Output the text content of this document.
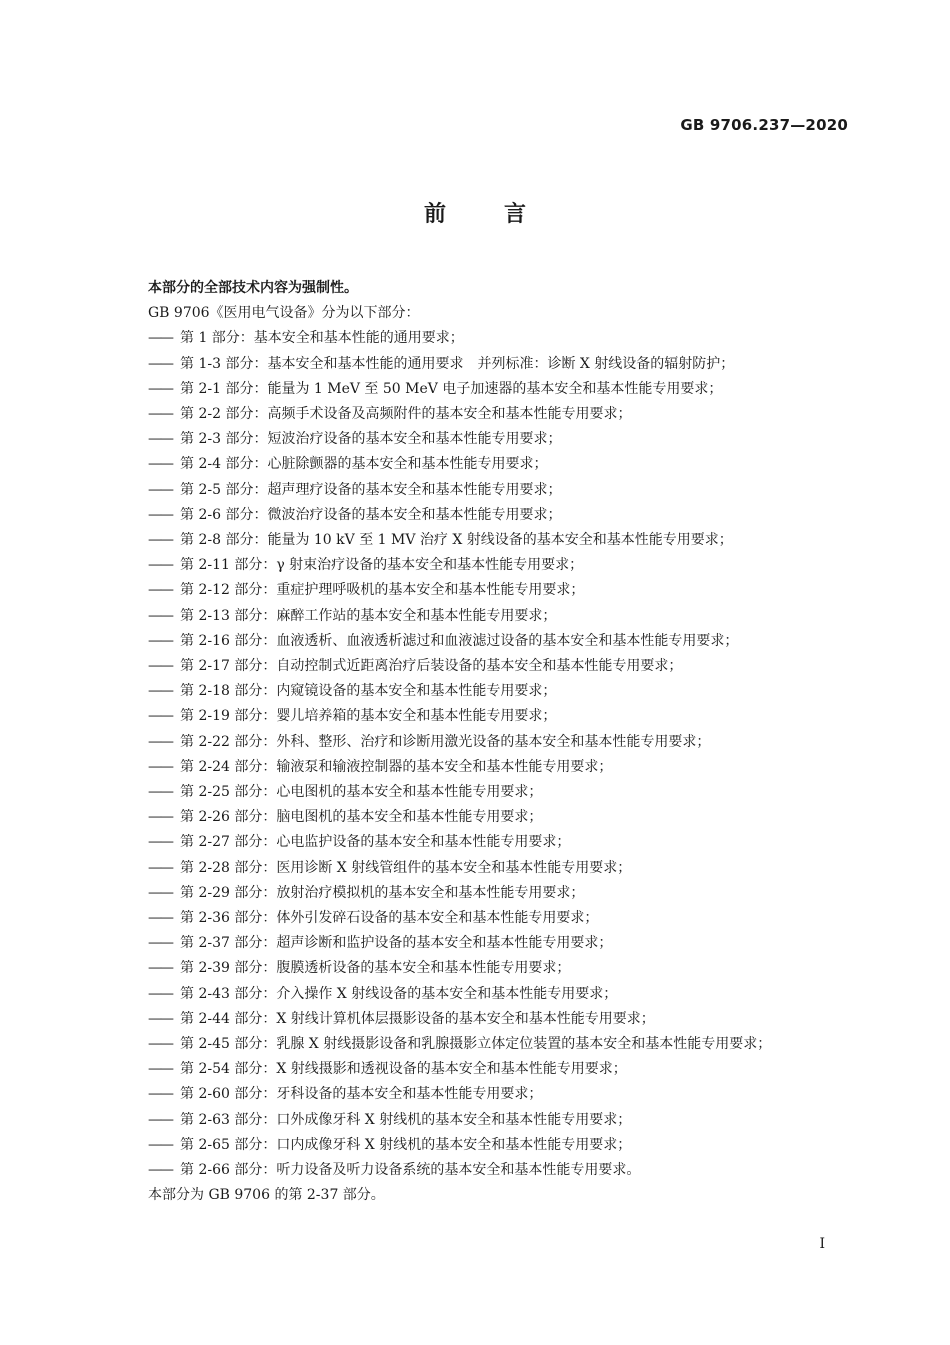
GB 9706.237—2020
前言
本部分的全部技术内容为强制性。
GB 9706《医用电气设备》分为以下部分：
—— 第 1 部分：基本安全和基本性能的通用要求；
—— 第 1-3 部分：基本安全和基本性能的通用要求　并列标准：诊断 X 射线设备的辐射防护；
—— 第 2-1 部分：能量为 1 MeV 至 50 MeV 电子加速器的基本安全和基本性能专用要求；
—— 第 2-2 部分：高频手术设备及高频附件的基本安全和基本性能专用要求；
—— 第 2-3 部分：短波治疗设备的基本安全和基本性能专用要求；
—— 第 2-4 部分：心脏除颤器的基本安全和基本性能专用要求；
—— 第 2-5 部分：超声理疗设备的基本安全和基本性能专用要求；
—— 第 2-6 部分：微波治疗设备的基本安全和基本性能专用要求；
—— 第 2-8 部分：能量为 10 kV 至 1 MV 治疗 X 射线设备的基本安全和基本性能专用要求；
—— 第 2-11 部分：γ 射束治疗设备的基本安全和基本性能专用要求；
—— 第 2-12 部分：重症护理呼吸机的基本安全和基本性能专用要求；
—— 第 2-13 部分：麻醉工作站的基本安全和基本性能专用要求；
—— 第 2-16 部分：血液透析、血液透析滤过和血液滤过设备的基本安全和基本性能专用要求；
—— 第 2-17 部分：自动控制式近距离治疗后装设备的基本安全和基本性能专用要求；
—— 第 2-18 部分：内窥镜设备的基本安全和基本性能专用要求；
—— 第 2-19 部分：婴儿培养箱的基本安全和基本性能专用要求；
—— 第 2-22 部分：外科、整形、治疗和诊断用激光设备的基本安全和基本性能专用要求；
—— 第 2-24 部分：输液泵和输液控制器的基本安全和基本性能专用要求；
—— 第 2-25 部分：心电图机的基本安全和基本性能专用要求；
—— 第 2-26 部分：脑电图机的基本安全和基本性能专用要求；
—— 第 2-27 部分：心电监护设备的基本安全和基本性能专用要求；
—— 第 2-28 部分：医用诊断 X 射线管组件的基本安全和基本性能专用要求；
—— 第 2-29 部分：放射治疗模拟机的基本安全和基本性能专用要求；
—— 第 2-36 部分：体外引发碎石设备的基本安全和基本性能专用要求；
—— 第 2-37 部分：超声诊断和监护设备的基本安全和基本性能专用要求；
—— 第 2-39 部分：腹膜透析设备的基本安全和基本性能专用要求；
—— 第 2-43 部分：介入操作 X 射线设备的基本安全和基本性能专用要求；
—— 第 2-44 部分：X 射线计算机体层摄影设备的基本安全和基本性能专用要求；
—— 第 2-45 部分：乳腺 X 射线摄影设备和乳腺摄影立体定位装置的基本安全和基本性能专用要求；
—— 第 2-54 部分：X 射线摄影和透视设备的基本安全和基本性能专用要求；
—— 第 2-60 部分：牙科设备的基本安全和基本性能专用要求；
—— 第 2-63 部分：口外成像牙科 X 射线机的基本安全和基本性能专用要求；
—— 第 2-65 部分：口内成像牙科 X 射线机的基本安全和基本性能专用要求；
—— 第 2-66 部分：听力设备及听力设备系统的基本安全和基本性能专用要求。
本部分为 GB 9706 的第 2-37 部分。
I
